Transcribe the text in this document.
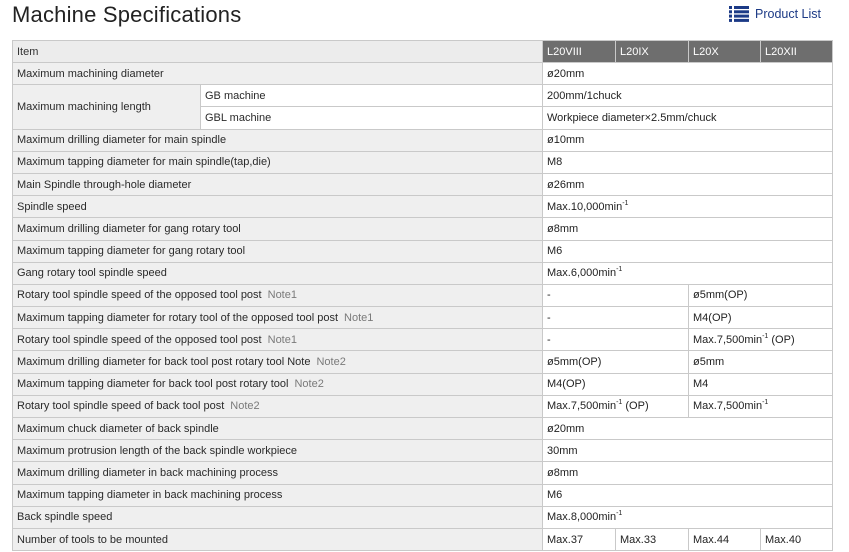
Machine Specifications	Product List
Item		L20VIII	L20IX	L20X	L20XII
Maximum machining diameter		ø20mm			
Maximum machining length	GB machine	200mm/1chuck			
	GBL machine	Workpiece diameter×2.5mm/chuck			
Maximum drilling diameter for main spindle		ø10mm			
Maximum tapping diameter for main spindle(tap,die)		M8			
Main Spindle through-hole diameter		ø26mm			
Spindle speed		$Max.10,000\min^{-1}$
Maximum drilling diameter for gang rotary tool		ø8mm			
Maximum tapping diameter for gang rotary tool		M6			
Gang rotary tool spindle speed		$Max.6,000\min^{-1}$
Rotary tool spindle speed of the opposed tool post Note1		-		ø5mm(OP)	
Maximum tapping diameter for rotary tool of the opposed tool post Note1		-		M4(OP)	
Rotary tool spindle speed of the opposed tool post Note1		-		$Max.7,500\min^{-1}$ (OP)	
Maximum drilling diameter for back tool post rotary tool Note Note2		ø5mm(OP)		ø5mm	
Maximum tapping diameter for back tool post rotary tool Note2		M4(OP)		M4	
Rotary tool spindle speed of back tool post Note2		$Max.7,500\min^{-1}$ (OP)		$Max.7,500\min^{-1}$
Maximum chuck diameter of back spindle		ø20mm			
Maximum protrusion length of the back spindle workpiece		30mm			
Maximum drilling diameter in back machining process		ø8mm			
Maximum tapping diameter in back machining process		M6			
Back spindle speed		$Max.8,000\min^{-1}$
Number of tools to be mounted		Max.37	Max.33	Max.44	Max.40
